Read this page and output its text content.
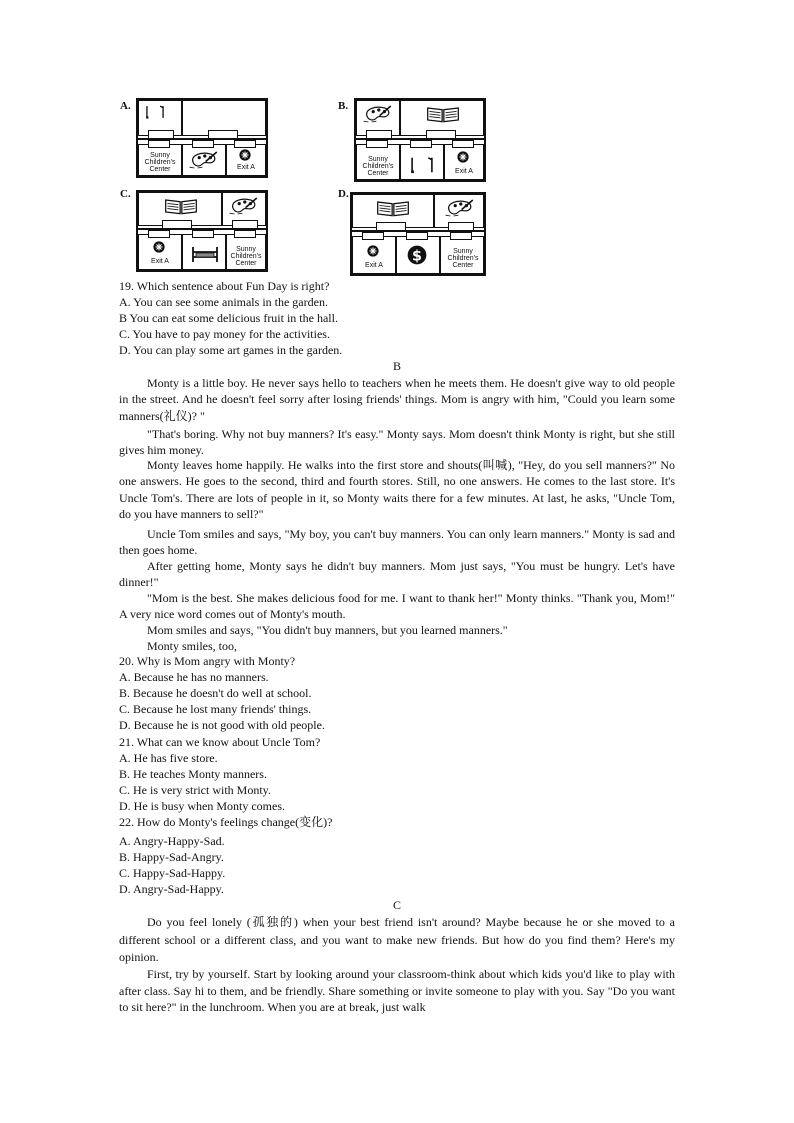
A.
Sunny
Children's
Center	Exit A
B.
Sunny
Children's
Center	Exit A
C.
Exit A
Sunny
Children's
Center
D.
Exit A
Sunny
Children's
Center
19. Which sentence about Fun Day is right?
A. You can see some animals in the garden.
B You can eat some delicious fruit in the hall.
C. You have to pay money for the activities.
D. You can play some art games in the garden.
B

Monty is a little boy. He never says hello to teachers when he meets them. He doesn't give way to old people in the street. And he doesn't feel sorry after losing friends' things. Mom is angry with him, "Could you learn some manners(礼仪)? "

"That's boring. Why not buy manners? It's easy." Monty says. Mom doesn't think Monty is right, but she still gives him money.

Monty leaves home happily. He walks into the first store and shouts(叫喊), "Hey, do you sell manners?" No one answers. He goes to the second, third and fourth stores. Still, no one answers. He comes to the last store. It's Uncle Tom's. There are lots of people in it, so Monty waits there for a few minutes. At last, he asks, "Uncle Tom, do you have manners to sell?"

Uncle Tom smiles and says, "My boy, you can't buy manners. You can only learn manners." Monty is sad and then goes home.

After getting home, Monty says he didn't buy manners. Mom just says, "You must be hungry. Let's have dinner!"

"Mom is the best. She makes delicious food for me. I want to thank her!" Monty thinks. "Thank you, Mom!" A very nice word comes out of Monty's mouth.

Mom smiles and says, "You didn't buy manners, but you learned manners."

Monty smiles, too,

20. Why is Mom angry with Monty?
A. Because he has no manners.
B. Because he doesn't do well at school.
C. Because he lost many friends' things.
D. Because he is not good with old people.
21. What can we know about Uncle Tom?
A. He has five store.
B. He teaches Monty manners.
C. He is very strict with Monty.
D. He is busy when Monty comes.
22. How do Monty's feelings change(变化)?
A. Angry-Happy-Sad.
B. Happy-Sad-Angry.
C. Happy-Sad-Happy.
D. Angry-Sad-Happy.
C

Do you feel lonely (孤独的) when your best friend isn't around? Maybe because he or she moved to a different school or a different class, and you want to make new friends. But how do you find them? Here's my opinion.

First, try by yourself. Start by looking around your classroom-think about which kids you'd like to play with after class. Say hi to them, and be friendly. Share something or invite someone to play with you. Say "Do you want to sit here?" in the lunchroom. When you are at break, just walk
